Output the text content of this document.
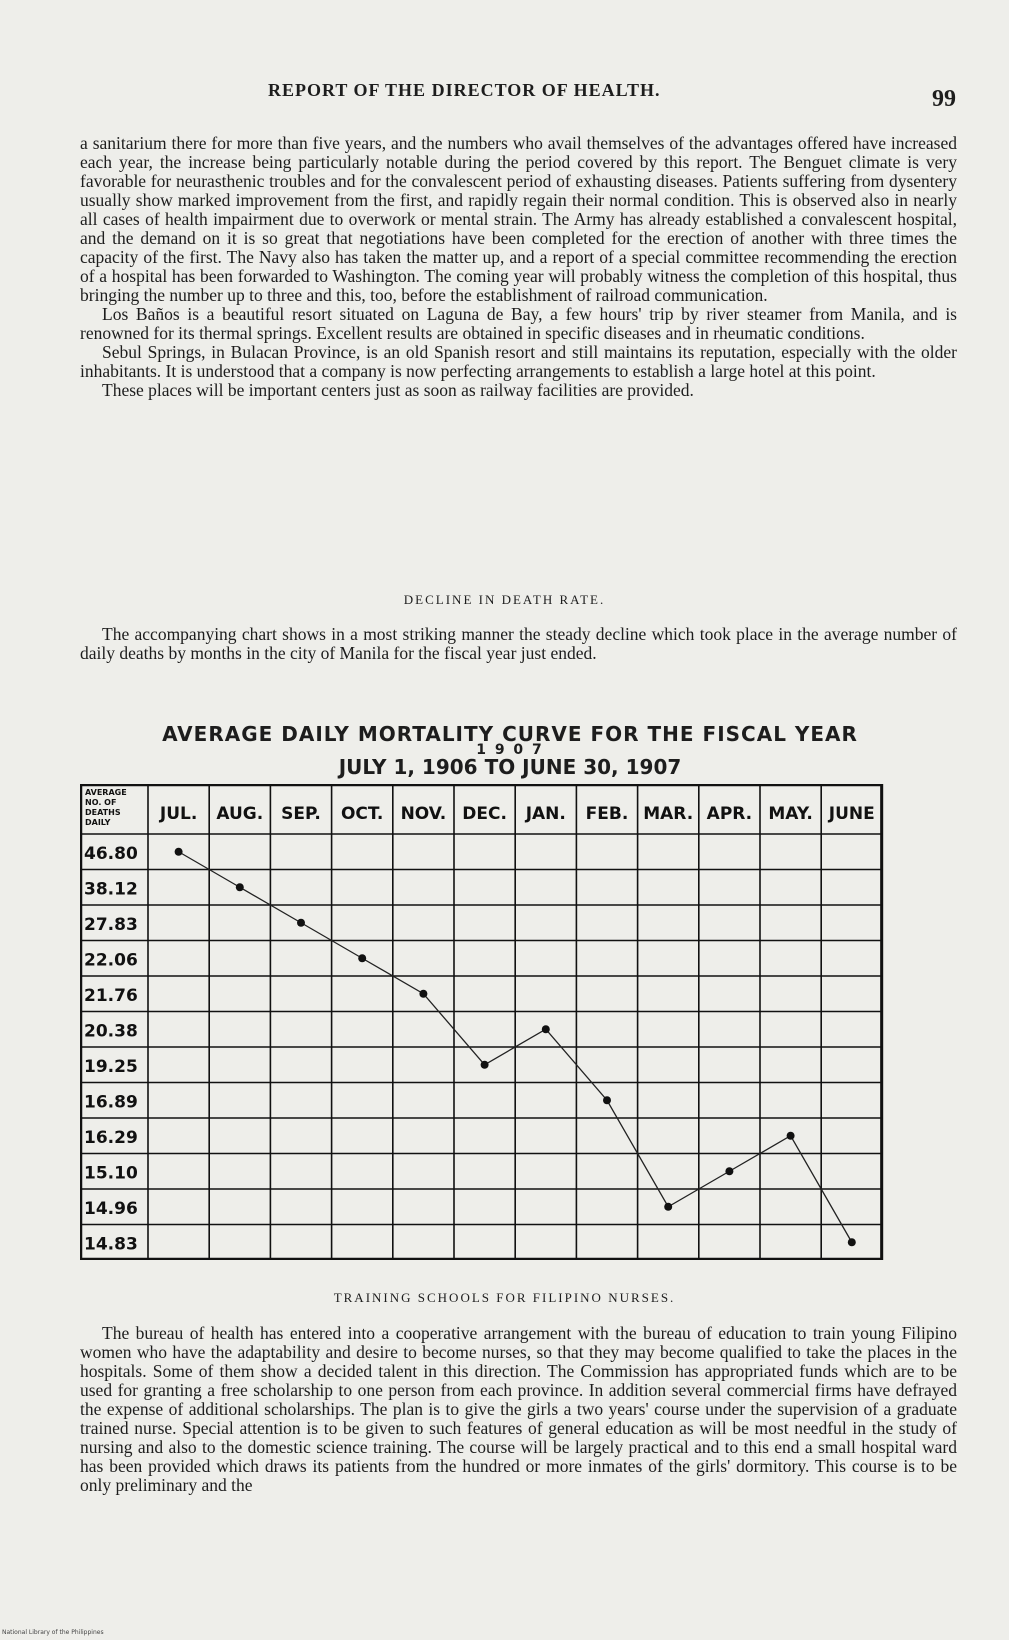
REPORT OF THE DIRECTOR OF HEALTH.	99

a sanitarium there for more than five years, and the numbers who avail themselves of the advantages offered have increased each year, the increase being particularly notable during the period covered by this report. The Benguet climate is very favorable for neurasthenic troubles and for the convalescent period of exhausting diseases. Patients suffering from dysentery usually show marked improvement from the first, and rapidly regain their normal condition. This is observed also in nearly all cases of health impairment due to overwork or mental strain. The Army has already established a convalescent hospital, and the demand on it is so great that negotiations have been completed for the erection of another with three times the capacity of the first. The Navy also has taken the matter up, and a report of a special committee recommending the erection of a hospital has been forwarded to Washington. The coming year will probably witness the completion of this hospital, thus bringing the number up to three and this, too, before the establishment of railroad communication.

Los Baños is a beautiful resort situated on Laguna de Bay, a few hours' trip by river steamer from Manila, and is renowned for its thermal springs. Excellent results are obtained in specific diseases and in rheumatic conditions.

Sebul Springs, in Bulacan Province, is an old Spanish resort and still maintains its reputation, especially with the older inhabitants. It is understood that a company is now perfecting arrangements to establish a large hotel at this point.

These places will be important centers just as soon as railway facilities are provided.

DECLINE IN DEATH RATE.

The accompanying chart shows in a most striking manner the steady decline which took place in the average number of daily deaths by months in the city of Manila for the fiscal year just ended.

AVERAGE DAILY MORTALITY CURVE FOR THE FISCAL YEAR
1 9 0 7
JULY 1, 1906 TO JUNE 30, 1907
AVERAGE
NO. OF
DEATHS
DAILY	JUL. AUG. SEP. OCT. NOV. DEC. JAN. FEB. MAR. APR. MAY. JUNE
46.80
38.12
27.83
22.06
21.76
20.38
19.25
16.89
16.29
15.10
14.96
14.83
TRAINING SCHOOLS FOR FILIPINO NURSES.

The bureau of health has entered into a cooperative arrangement with the bureau of education to train young Filipino women who have the adaptability and desire to become nurses, so that they may become qualified to take the places in the hospitals. Some of them show a decided talent in this direction. The Commission has appropriated funds which are to be used for granting a free scholarship to one person from each province. In addition several commercial firms have defrayed the expense of additional scholarships. The plan is to give the girls a two years' course under the supervision of a graduate trained nurse. Special attention is to be given to such features of general education as will be most needful in the study of nursing and also to the domestic science training. The course will be largely practical and to this end a small hospital ward has been provided which draws its patients from the hundred or more inmates of the girls' dormitory. This course is to be only preliminary and the

National Library of the Philippines
